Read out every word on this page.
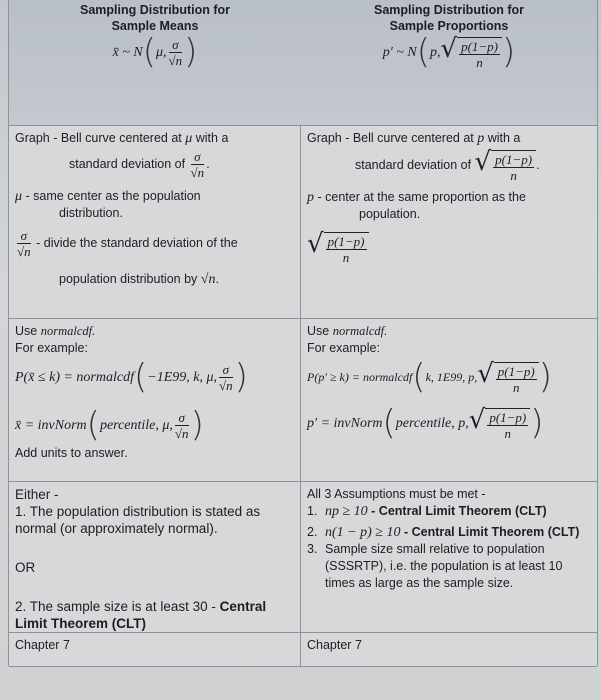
Sampling Distribution for
Sample Means
x̄ ~ N ( μ, $\frac{\sigma}{√n}$ )
Sampling Distribution for
Sample Proportions
p′ ~ N ( p, √ $\frac{p(1-p)}{n}$ )
Graph - Bell curve centered at
μ
with a
standard deviation of
$\frac{\sigma}{√n}$ .
μ
- same center as the population
distribution.
$\frac{\sigma}{√n}$
- divide the standard deviation of the
population distribution by
√n .
Graph - Bell curve centered at
p
with a
standard deviation of
√ $\frac{p(1-p)}{n}$ .
p
- center at the same proportion as the
population.
√ $\frac{p(1-p)}{n}$
Use normalcdf.
For example:
P(x̄ ≤ k) = normalcdf ( −1E99, k, μ, $\frac{\sigma}{√n}$ )
x̄ = invNorm ( percentile, μ, $\frac{\sigma}{√n}$ )
Add units to answer.
Use normalcdf.
For example:
P(p′ ≥ k) = normalcdf ( k, 1E99, p, √ $\frac{p(1-p)}{n}$ )
p′ = invNorm ( percentile, p, √ $\frac{p(1-p)}{n}$ )
Either -
1. The population distribution is stated as normal (or approximately normal).
OR
2. The sample size is at least 30 - Central Limit Theorem (CLT)
All 3 Assumptions must be met -
1. np ≥ 10 - Central Limit Theorem (CLT)
2. n(1 − p) ≥ 10 - Central Limit Theorem (CLT)
3. Sample size small relative to population (SSSRTP), i.e. the population is at least 10 times as large as the sample size.
Chapter 7	Chapter 7
